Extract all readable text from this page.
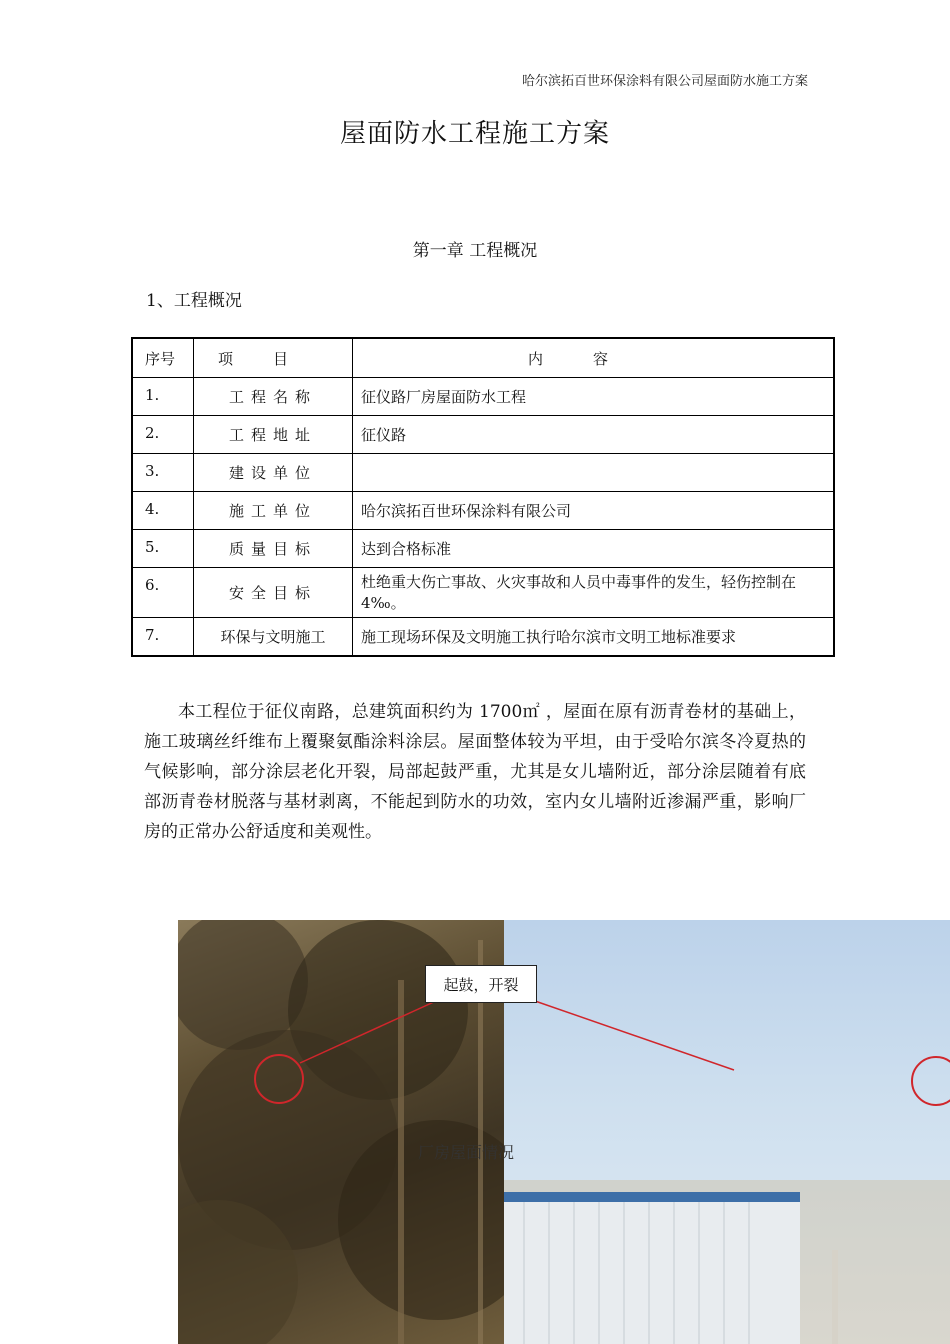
哈尔滨拓百世环保涂料有限公司屋面防水施工方案
屋面防水工程施工方案
第一章 工程概况
1、工程概况
序号	项目	内容
1.	工程名称	征仪路厂房屋面防水工程
2.	工程地址	征仪路
3.	建设单位	
4.	施工单位	哈尔滨拓百世环保涂料有限公司
5.	质量目标	达到合格标准
6.	安全目标	杜绝重大伤亡事故、火灾事故和人员中毒事件的发生，轻伤控制在4‰。
7.	环保与文明施工	施工现场环保及文明施工执行哈尔滨市文明工地标准要求

本工程位于征仪南路，总建筑面积约为 1700㎡ ，屋面在原有沥青卷材的基础上，施工玻璃丝纤维布上覆聚氨酯涂料涂层。屋面整体较为平坦，由于受哈尔滨冬冷夏热的气候影响，部分涂层老化开裂，局部起鼓严重，尤其是女儿墙附近，部分涂层随着有底部沥青卷材脱落与基材剥离，不能起到防水的功效，室内女儿墙附近渗漏严重，影响厂房的正常办公舒适度和美观性。

起鼓，开裂
厂房屋面情况
